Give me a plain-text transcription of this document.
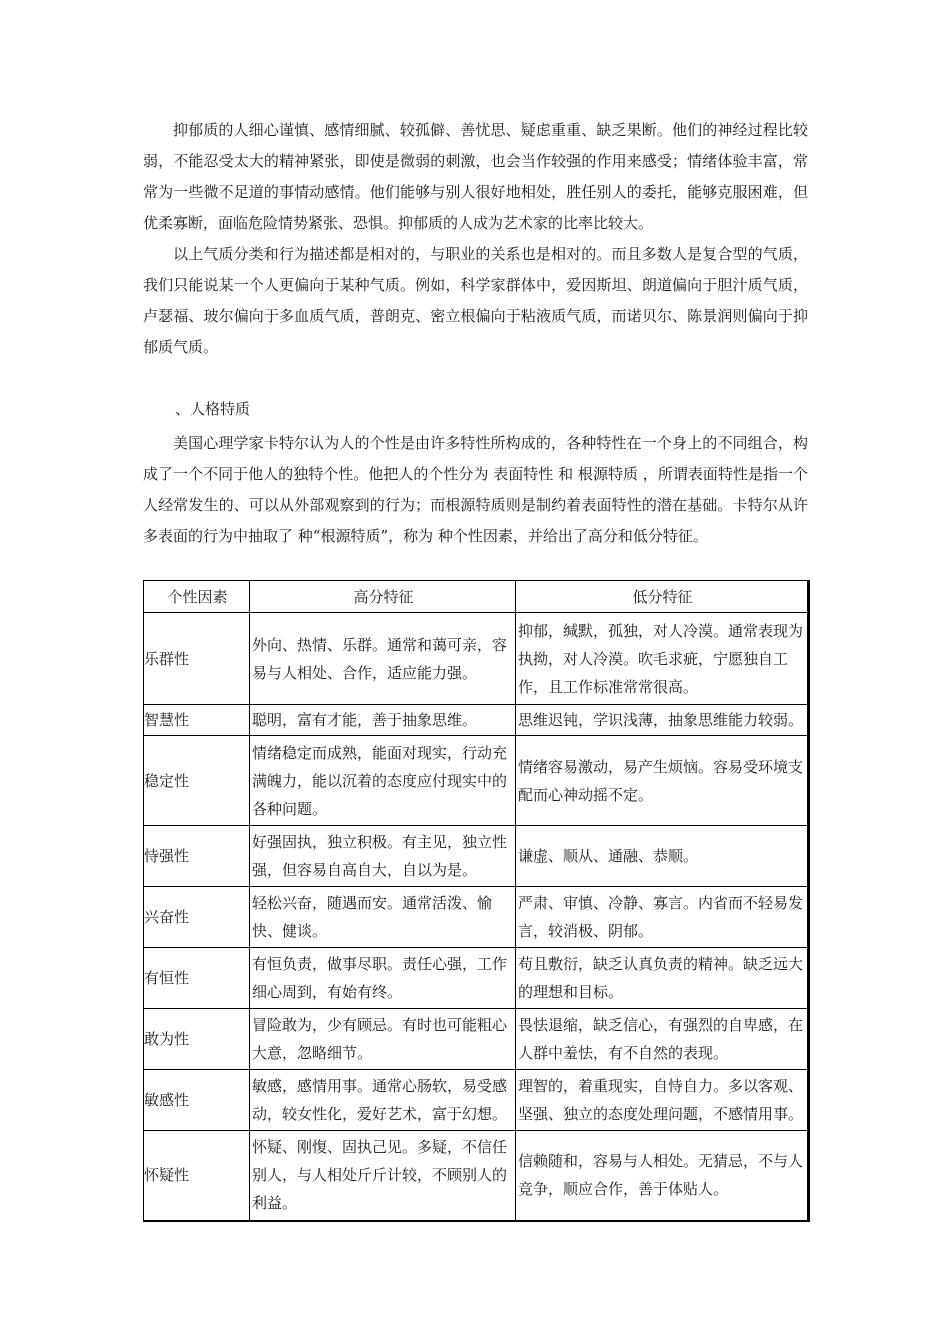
抑郁质的人细心谨慎、感情细腻、较孤僻、善忧思、疑虑重重、缺乏果断。他们的神经过程比较弱，不能忍受太大的精神紧张，即使是微弱的刺激，也会当作较强的作用来感受；情绪体验丰富，常常为一些微不足道的事情动感情。他们能够与别人很好地相处，胜任别人的委托，能够克服困难，但优柔寡断，面临危险情势紧张、恐惧。抑郁质的人成为艺术家的比率比较大。

以上气质分类和行为描述都是相对的，与职业的关系也是相对的。而且多数人是复合型的气质，我们只能说某一个人更偏向于某种气质。例如，科学家群体中，爱因斯坦、朗道偏向于胆汁质气质，卢瑟福、玻尔偏向于多血质气质，普朗克、密立根偏向于粘液质气质，而诺贝尔、陈景润则偏向于抑郁质气质。

、人格特质

美国心理学家卡特尔认为人的个性是由许多特性所构成的，各种特性在一个身上的不同组合，构成了一个不同于他人的独特个性。他把人的个性分为 表面特性 和 根源特质 ，所谓表面特性是指一个人经常发生的、可以从外部观察到的行为；而根源特质则是制约着表面特性的潜在基础。卡特尔从许多表面的行为中抽取了 种“根源特质”，称为 种个性因素，并给出了高分和低分特征。

个性因素	高分特征	低分特征
乐群性	外向、热情、乐群。通常和蔼可亲，容易与人相处、合作，适应能力强。	抑郁，缄默，孤独，对人冷漠。通常表现为执拗，对人冷漠。吹毛求疵，宁愿独自工作，且工作标准常常很高。
智慧性	聪明，富有才能，善于抽象思维。	思维迟钝，学识浅薄，抽象思维能力较弱。
稳定性	情绪稳定而成熟，能面对现实，行动充满魄力，能以沉着的态度应付现实中的各种问题。	情绪容易激动，易产生烦恼。容易受环境支配而心神动摇不定。
恃强性	好强固执，独立积极。有主见，独立性强，但容易自高自大，自以为是。	谦虚、顺从、通融、恭顺。
兴奋性	轻松兴奋，随遇而安。通常活泼、愉快、健谈。	严肃、审慎、冷静、寡言。内省而不轻易发言，较消极、阴郁。
有恒性	有恒负责，做事尽职。责任心强，工作细心周到，有始有终。	苟且敷衍，缺乏认真负责的精神。缺乏远大的理想和目标。
敢为性	冒险敢为，少有顾忌。有时也可能粗心大意，忽略细节。	畏怯退缩，缺乏信心，有强烈的自卑感，在人群中羞怯，有不自然的表现。
敏感性	敏感，感情用事。通常心肠软，易受感动，较女性化，爱好艺术，富于幻想。	理智的，着重现实，自恃自力。多以客观、坚强、独立的态度处理问题，不感情用事。
怀疑性	怀疑、刚愎、固执己见。多疑，不信任别人，与人相处斤斤计较，不顾别人的利益。	信赖随和，容易与人相处。无猜忌，不与人竞争，顺应合作，善于体贴人。
